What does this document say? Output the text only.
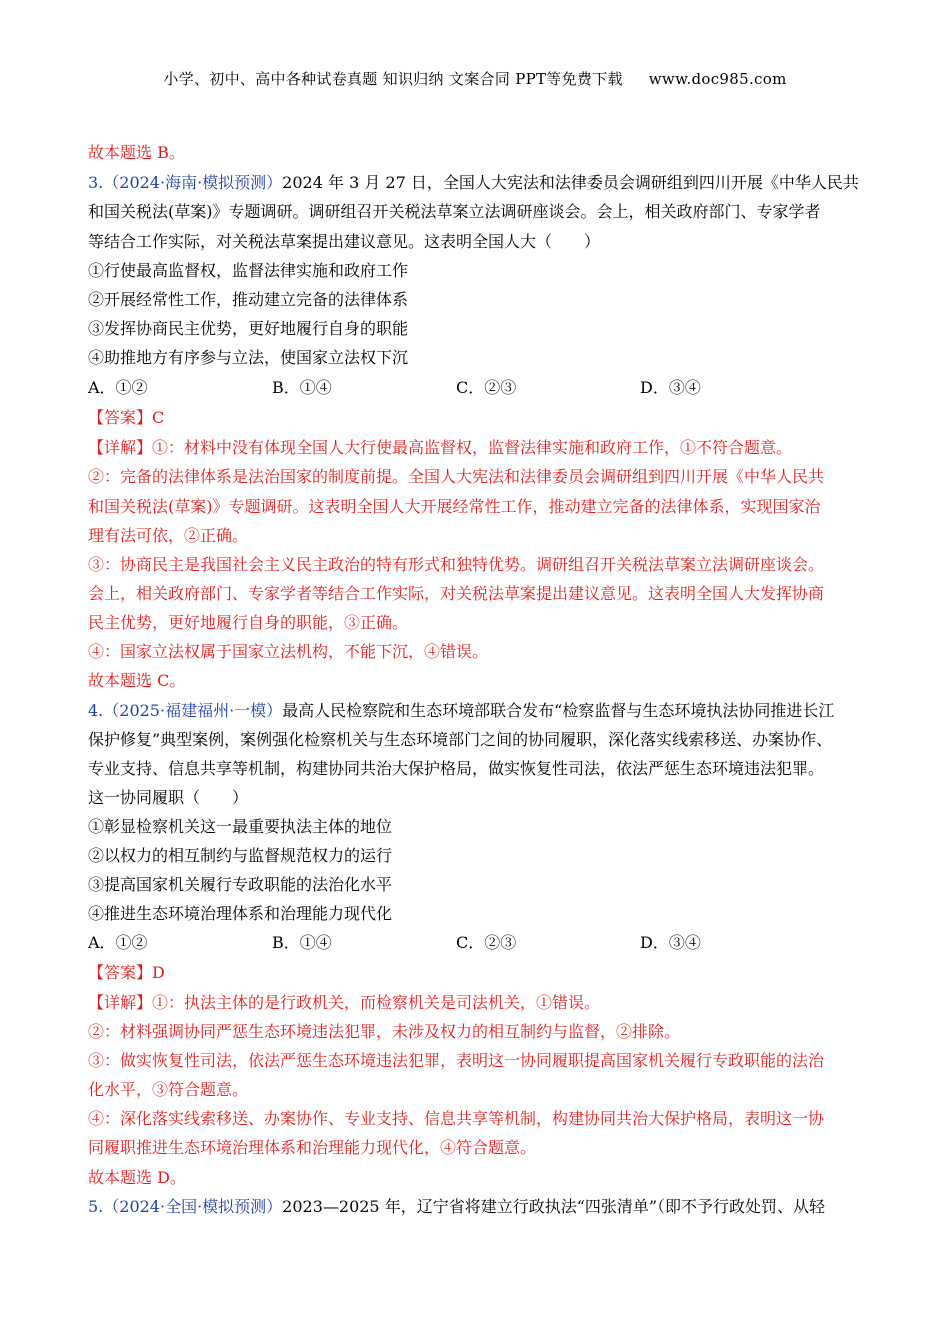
小学、初中、高中各种试卷真题 知识归纳 文案合同 PPT等免费下载 www.doc985.com
故本题选 B。
3.（2024·海南·模拟预测）2024 年 3 月 27 日，全国人大宪法和法律委员会调研组到四川开展《中华人民共
和国关税法(草案)》专题调研。调研组召开关税法草案立法调研座谈会。会上，相关政府部门、专家学者
等结合工作实际，对关税法草案提出建议意见。这表明全国人大（　　）
①行使最高监督权，监督法律实施和政府工作
②开展经常性工作，推动建立完备的法律体系
③发挥协商民主优势，更好地履行自身的职能
④助推地方有序参与立法，使国家立法权下沉
A．①②	B．①④	C．②③	D．③④
【答案】C
【详解】①：材料中没有体现全国人大行使最高监督权，监督法律实施和政府工作，①不符合题意。
②：完备的法律体系是法治国家的制度前提。全国人大宪法和法律委员会调研组到四川开展《中华人民共
和国关税法(草案)》专题调研。这表明全国人大开展经常性工作，推动建立完备的法律体系，实现国家治
理有法可依，②正确。
③：协商民主是我国社会主义民主政治的特有形式和独特优势。调研组召开关税法草案立法调研座谈会。
会上，相关政府部门、专家学者等结合工作实际，对关税法草案提出建议意见。这表明全国人大发挥协商
民主优势，更好地履行自身的职能，③正确。
④：国家立法权属于国家立法机构，不能下沉，④错误。
故本题选 C。
4.（2025·福建福州·一模）最高人民检察院和生态环境部联合发布“检察监督与生态环境执法协同推进长江
保护修复”典型案例，案例强化检察机关与生态环境部门之间的协同履职，深化落实线索移送、办案协作、
专业支持、信息共享等机制，构建协同共治大保护格局，做实恢复性司法，依法严惩生态环境违法犯罪。
这一协同履职（　　）
①彰显检察机关这一最重要执法主体的地位
②以权力的相互制约与监督规范权力的运行
③提高国家机关履行专政职能的法治化水平
④推进生态环境治理体系和治理能力现代化
A．①②	B．①④	C．②③	D．③④
【答案】D
【详解】①：执法主体的是行政机关，而检察机关是司法机关，①错误。
②：材料强调协同严惩生态环境违法犯罪，未涉及权力的相互制约与监督，②排除。
③：做实恢复性司法，依法严惩生态环境违法犯罪，表明这一协同履职提高国家机关履行专政职能的法治
化水平，③符合题意。
④：深化落实线索移送、办案协作、专业支持、信息共享等机制，构建协同共治大保护格局，表明这一协
同履职推进生态环境治理体系和治理能力现代化，④符合题意。
故本题选 D。
5.（2024·全国·模拟预测）2023—2025 年，辽宁省将建立行政执法“四张清单”（即不予行政处罚、从轻
